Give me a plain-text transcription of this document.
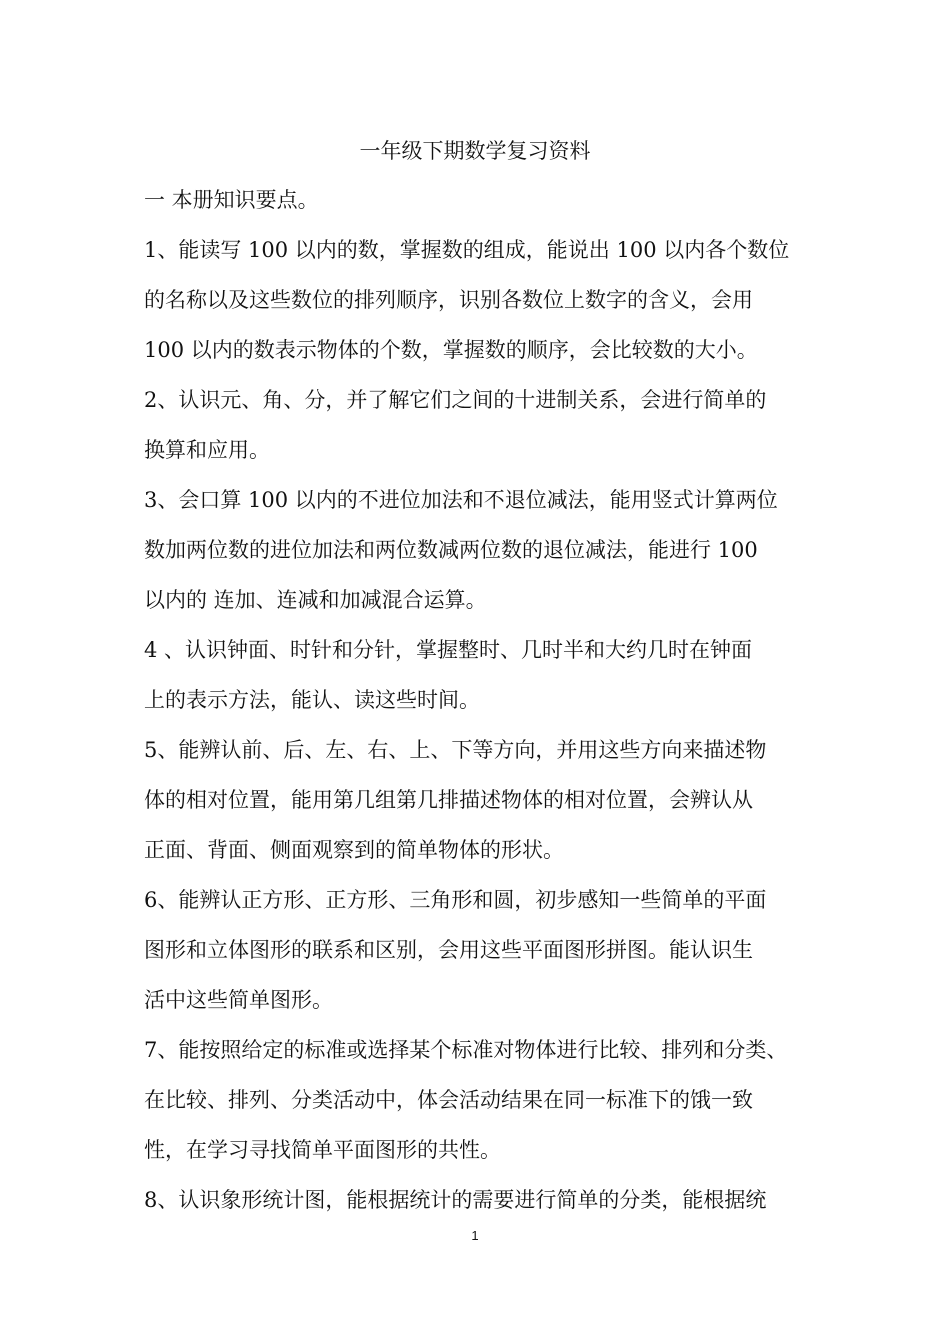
一年级下期数学复习资料
一 本册知识要点。
1、能读写 100 以内的数，掌握数的组成，能说出 100 以内各个数位
的名称以及这些数位的排列顺序，识别各数位上数字的含义，会用
100 以内的数表示物体的个数，掌握数的顺序，会比较数的大小。
2、认识元、角、分，并了解它们之间的十进制关系，会进行简单的
换算和应用。
3、会口算 100 以内的不进位加法和不退位减法，能用竖式计算两位
数加两位数的进位加法和两位数减两位数的退位减法，能进行 100
以内的 连加、连减和加减混合运算。
4 、认识钟面、时针和分针，掌握整时、几时半和大约几时在钟面
上的表示方法，能认、读这些时间。
5、能辨认前、后、左、右、上、下等方向，并用这些方向来描述物
体的相对位置，能用第几组第几排描述物体的相对位置，会辨认从
正面、背面、侧面观察到的简单物体的形状。
6、能辨认正方形、正方形、三角形和圆，初步感知一些简单的平面
图形和立体图形的联系和区别，会用这些平面图形拼图。能认识生
活中这些简单图形。
7、能按照给定的标准或选择某个标准对物体进行比较、排列和分类、
在比较、排列、分类活动中，体会活动结果在同一标准下的饿一致
性，在学习寻找简单平面图形的共性。
8、认识象形统计图，能根据统计的需要进行简单的分类，能根据统
1
